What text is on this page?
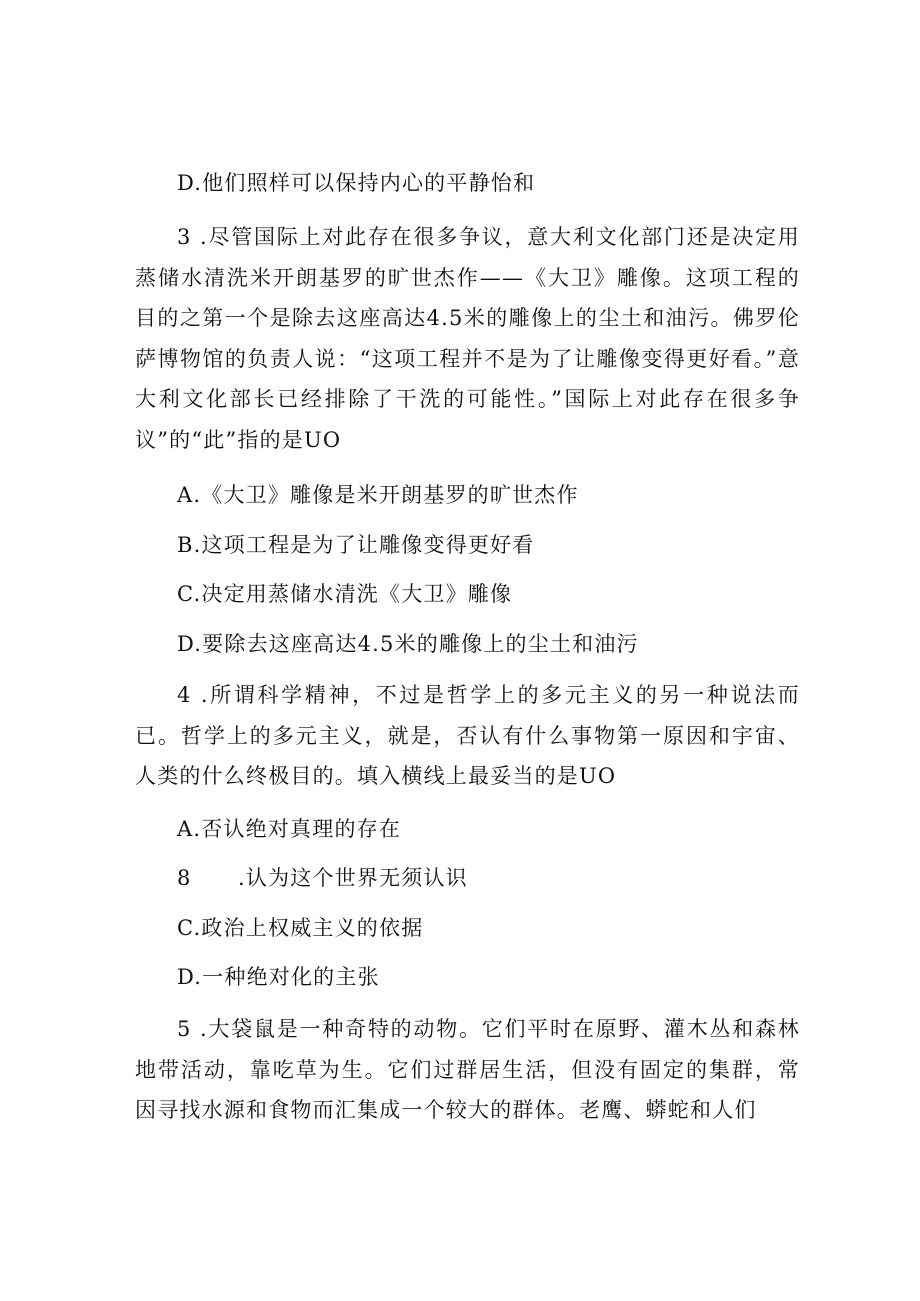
D.他们照样可以保持内心的平静怡和
3 .尽管国际上对此存在很多争议，意大利文化部门还是决定用蒸储水清洗米开朗基罗的旷世杰作——《大卫》雕像。这项工程的目的之第一个是除去这座高达4.5米的雕像上的尘土和油污。佛罗伦萨博物馆的负责人说：“这项工程并不是为了让雕像变得更好看。”意大利文化部长已经排除了干洗的可能性。”国际上对此存在很多争议”的“此”指的是UO
A.《大卫》雕像是米开朗基罗的旷世杰作
B.这项工程是为了让雕像变得更好看
C.决定用蒸储水清洗《大卫》雕像
D.要除去这座高达4.5米的雕像上的尘土和油污
4 .所谓科学精神，不过是哲学上的多元主义的另一种说法而已。哲学上的多元主义，就是，否认有什么事物第一原因和宇宙、人类的什么终极目的。填入横线上最妥当的是UO
A.否认绝对真理的存在
8 .认为这个世界无须认识
C.政治上权威主义的依据
D.一种绝对化的主张
5 .大袋鼠是一种奇特的动物。它们平时在原野、灌木丛和森林地带活动，靠吃草为生。它们过群居生活，但没有固定的集群，常因寻找水源和食物而汇集成一个较大的群体。老鹰、蟒蛇和人们
